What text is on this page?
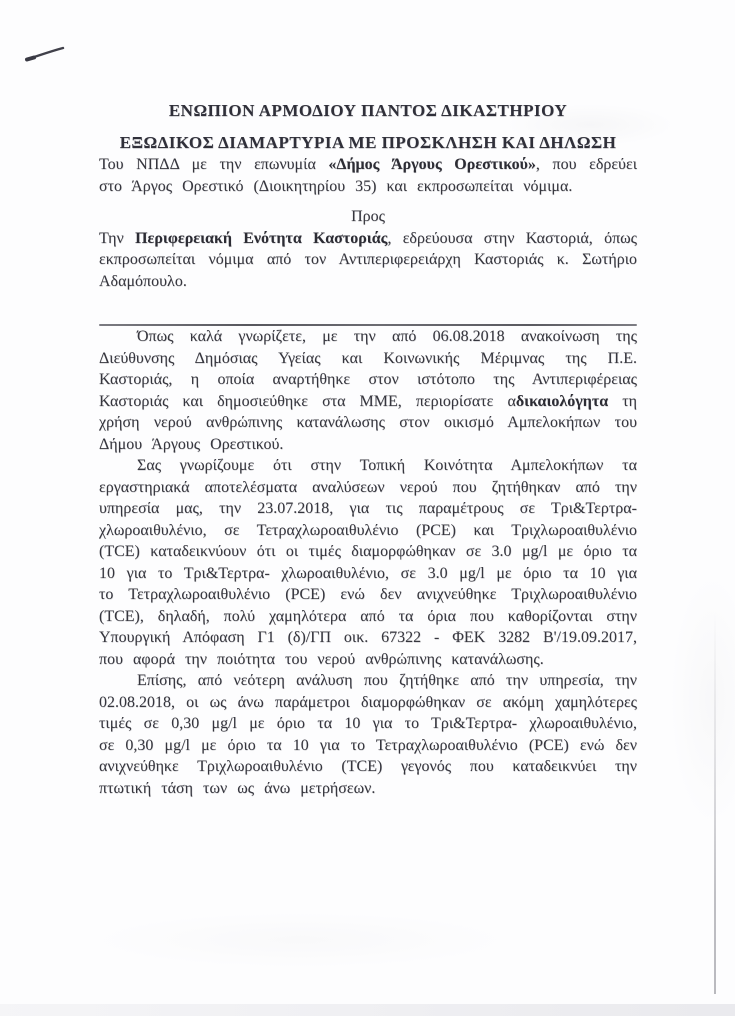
ΕΝΩΠΙΟΝ ΑΡΜΟΔΙΟΥ ΠΑΝΤΟΣ ΔΙΚΑΣΤΗΡΙΟΥ
ΕΞΩΔΙΚΟΣ ΔΙΑΜΑΡΤΥΡΙΑ ΜΕ ΠΡΟΣΚΛΗΣΗ ΚΑΙ ΔΗΛΩΣΗ

Του ΝΠΔΔ με την επωνυμία «Δήμος Άργους Ορεστικού», που εδρεύει στο Άργος Ορεστικό (Διοικητηρίου 35) και εκπροσωπείται νόμιμα.

Προς

Την Περιφερειακή Ενότητα Καστοριάς, εδρεύουσα στην Καστοριά, όπως εκπροσωπείται νόμιμα από τον Αντιπεριφερειάρχη Καστοριάς κ. Σωτήριο Αδαμόπουλο.

Όπως καλά γνωρίζετε, με την από 06.08.2018 ανακοίνωση της Διεύθυνσης Δημόσιας Υγείας και Κοινωνικής Μέριμνας της Π.Ε. Καστοριάς, η οποία αναρτήθηκε στον ιστότοπο της Αντιπεριφέρειας Καστοριάς και δημοσιεύθηκε στα ΜΜΕ, περιορίσατε αδικαιολόγητα τη χρήση νερού ανθρώπινης κατανάλωσης στον οικισμό Αμπελοκήπων του Δήμου Άργους Ορεστικού.

Σας γνωρίζουμε ότι στην Τοπική Κοινότητα Αμπελοκήπων τα εργαστηριακά αποτελέσματα αναλύσεων νερού που ζητήθηκαν από την υπηρεσία μας, την 23.07.2018, για τις παραμέτρους σε Τρι&Τερτρα-χλωροαιθυλένιο, σε Τετραχλωροαιθυλένιο (PCE) και Τριχλωροαιθυλένιο (TCE) καταδεικνύουν ότι οι τιμές διαμορφώθηκαν σε 3.0 μg/l με όριο τα 10 για το Τρι&Τερτρα- χλωροαιθυλένιο, σε 3.0 μg/l με όριο τα 10 για το Τετραχλωροαιθυλένιο (PCE) ενώ δεν ανιχνεύθηκε Τριχλωροαιθυλένιο (TCE), δηλαδή, πολύ χαμηλότερα από τα όρια που καθορίζονται στην Υπουργική Απόφαση Γ1 (δ)/ΓΠ οικ. 67322 - ΦΕΚ 3282 Β'/19.09.2017, που αφορά την ποιότητα του νερού ανθρώπινης κατανάλωσης.

Επίσης, από νεότερη ανάλυση που ζητήθηκε από την υπηρεσία, την 02.08.2018, οι ως άνω παράμετροι διαμορφώθηκαν σε ακόμη χαμηλότερες τιμές σε 0,30 μg/l με όριο τα 10 για το Τρι&Τερτρα- χλωροαιθυλένιο, σε 0,30 μg/l με όριο τα 10 για το Τετραχλωροαιθυλένιο (PCE) ενώ δεν ανιχνεύθηκε Τριχλωροαιθυλένιο (TCE) γεγονός που καταδεικνύει την πτωτική τάση των ως άνω μετρήσεων.
